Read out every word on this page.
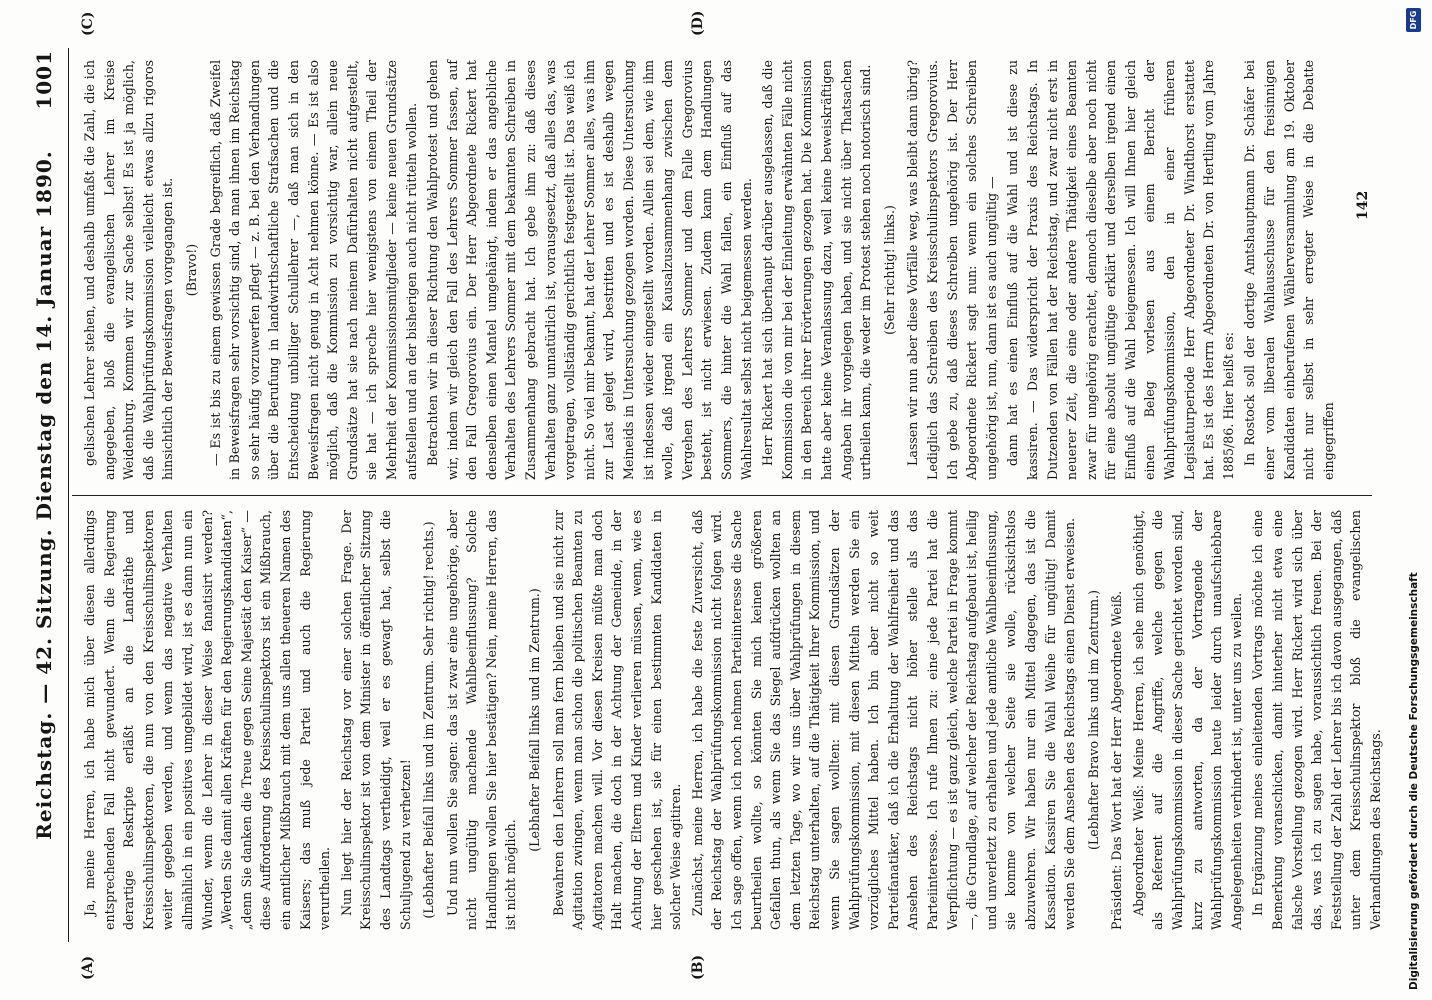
Reichstag. — 42. Sitzung. Dienstag den 14. Januar 1890.
1001
(A)	(B)
(C)	(D)

Ja, meine Herren, ich habe mich über diesen allerdings entsprechenden Fall nicht gewundert. Wenn die Regierung derartige Reskripte erläßt an die Landräthe und Kreisschulinspektoren, die nun von den Kreisschulinspektoren weiter gegeben werden, und wenn das negative Verhalten allmählich in ein positives umgebildet wird, ist es dann nun ein Wunder, wenn die Lehrer in dieser Weise fanatisirt werden? „Werden Sie damit allen Kräften für den Regierungskandidaten“, „denn Sie danken die Treue gegen Seine Majestät den Kaiser“ — diese Aufforderung des Kreisschulinspektors ist ein Mißbrauch, ein amtlicher Mißbrauch mit dem uns allen theueren Namen des Kaisers; das muß jede Partei und auch die Regierung verurtheilen. Nun liegt hier der Reichstag vor einer solchen Frage. Der Kreisschulinspektor ist von dem Minister in öffentlicher Sitzung des Landtags vertheidigt, weil er es gewagt hat, selbst die Schuljugend zu verhetzen! (Lebhafter Beifall links und im Zentrum. Sehr richtig! rechts.) Und nun wollen Sie sagen: das ist zwar eine ungehörige, aber nicht ungültig machende Wahlbeeinflussung? Solche Handlungen wollen Sie hier bestätigen? Nein, meine Herren, das ist nicht möglich.

(Lebhafter Beifall links und im Zentrum.) Bewahren den Lehrern soll man fern bleiben und sie nicht zur Agitation zwingen, wenn man schon die politischen Beamten zu Agitatoren machen will. Vor diesen Kreisen müßte man doch Halt machen, die doch in der Achtung der Gemeinde, in der Achtung der Eltern und Kinder verlieren müssen, wenn, wie es hier geschehen ist, sie für einen bestimmten Kandidaten in solcher Weise agitiren. Zunächst, meine Herren, ich habe die feste Zuversicht, daß der Reichstag der Wahlprüfungskommission nicht folgen wird. Ich sage offen, wenn ich noch nehmen Parteiinteresse die Sache beurtheilen wollte, so könnten Sie mich keinen größeren Gefallen thun, als wenn Sie das Siegel aufdrücken wollten an dem letzten Tage, wo wir uns über Wahlprüfungen in diesem Reichstag unterhalten, auf die Thätigkeit Ihrer Kommission, und wenn Sie sagen wollten: mit diesen Grundsätzen der Wahlprüfungskommission, mit diesen Mitteln werden Sie ein vorzügliches Mittel haben. Ich bin aber nicht so weit Parteifanatiker, daß ich die Erhaltung der Wahlfreiheit und das Ansehen des Reichstags nicht höher stelle als das Parteiinteresse. Ich rufe Ihnen zu: eine jede Partei hat die Verpflichtung — es ist ganz gleich, welche Partei in Frage kommt —, die Grundlage, auf welcher der Reichstag aufgebaut ist, heilig und unverletzt zu erhalten und jede amtliche Wahlbeeinflussung, sie komme von welcher Seite sie wolle, rücksichtslos abzuwehren. Wir haben nur ein Mittel dagegen, das ist die Kassation. Kassiren Sie die Wahl Weihe für ungültig! Damit werden Sie dem Ansehen des Reichstags einen Dienst erweisen. (Lebhafter Bravo links und im Zentrum.) Präsident: Das Wort hat der Herr Abgeordnete Weiß. Abgeordneter Weiß: Meine Herren, ich sehe mich genöthigt, als Referent auf die Angriffe, welche gegen die Wahlprüfungskommission in dieser Sache gerichtet worden sind, kurz zu antworten, da der Vortragende der Wahlprüfungskommission heute leider durch unaufschiebbare Angelegenheiten verhindert ist, unter uns zu weilen. In Ergänzung meines einleitenden Vortrags möchte ich eine Bemerkung voranschicken, damit hinterher nicht etwa eine falsche Vorstellung gezogen wird. Herr Rickert wird sich über das, was ich zu sagen habe, voraussichtlich freuen. Bei der Feststellung der Zahl der Lehrer bis ich davon ausgegangen, daß unter dem Kreisschulinspektor bloß die evangelischen Verhandlungen des Reichstags.

gelischen Lehrer stehen, und deshalb umfaßt die Zahl, die ich angegeben, bloß die evangelischen Lehrer im Kreise Weidenburg. Kommen wir zur Sache selbst! Es ist ja möglich, daß die Wahlprüfungskommission vielleicht etwas allzu rigoros hinsichtlich der Beweisfragen vorgegangen ist. (Bravo!) — Es ist bis zu einem gewissen Grade begreiflich, daß Zweifel in Beweisfragen sehr vorsichtig sind, da man ihnen im Reichstag so sehr häufig vorzuwerfen pflegt — z. B. bei den Verhandlungen über die Berufung in landwirthschaftliche Strafsachen und die Entscheidung unbilliger Schullehrer —, daß man sich in den Beweisfragen nicht genug in Acht nehmen könne. — Es ist also möglich, daß die Kommission zu vorsichtig war, allein neue Grundsätze hat sie nach meinem Dafürhalten nicht aufgestellt, sie hat — ich spreche hier wenigstens von einem Theil der Mehrheit der Kommissionsmitglieder — keine neuen Grundsätze aufstellen und an der bisherigen auch nicht rütteln wollen. Betrachten wir in dieser Richtung den Wahlprotest und gehen wir, indem wir gleich den Fall des Lehrers Sommer fassen, auf den Fall Gregorovius ein. Der Herr Abgeordnete Rickert hat denselben einen Mantel umgehängt, indem er das angebliche Verhalten des Lehrers Sommer mit dem bekannten Schreiben in Zusammenhang gebracht hat. Ich gebe ihm zu: daß dieses Verhalten ganz unnatürlich ist, vorausgesetzt, daß alles das, was vorgetragen, vollständig gerichtlich festgestellt ist. Das weiß ich nicht. So viel mir bekannt, hat der Lehrer Sommer alles, was ihm zur Last gelegt wird, bestritten und es ist deshalb wegen Meineids in Untersuchung gezogen worden. Diese Untersuchung ist indessen wieder eingestellt worden. Allein sei dem, wie ihm wolle, daß irgend ein Kausalzusammenhang zwischen dem Vergehen des Lehrers Sommer und dem Falle Gregorovius besteht, ist nicht erwiesen. Zudem kann dem Handlungen Sommers, die hinter die Wahl fallen, ein Einfluß auf das Wahlresultat selbst nicht beigemessen werden. Herr Rickert hat sich überhaupt darüber ausgelassen, daß die Kommission die von mir bei der Einleitung erwähnten Fälle nicht in den Bereich ihrer Erörterungen gezogen hat. Die Kommission hatte aber keine Veranlassung dazu, weil keine beweiskräftigen Angaben ihr vorgelegen haben, und sie nicht über Thatsachen urtheilen kann, die weder im Protest stehen noch notorisch sind. (Sehr richtig! links.) Lassen wir nun aber diese Vorfälle weg, was bleibt dann übrig? Lediglich das Schreiben des Kreisschulinspektors Gregorovius. Ich gebe zu, daß dieses Schreiben ungehörig ist. Der Herr Abgeordnete Rickert sagt nun: wenn ein solches Schreiben ungehörig ist, nun, dann ist es auch ungültig — dann hat es einen Einfluß auf die Wahl und ist diese zu kassiren. — Das widerspricht der Praxis des Reichstags. In Dutzenden von Fällen hat der Reichstag, und zwar nicht erst in neuerer Zeit, die eine oder andere Thätigkeit eines Beamten zwar für ungehörig erachtet, dennoch dieselbe aber noch nicht für eine absolut ungültige erklärt und derselben irgend einen Einfluß auf die Wahl beigemessen. Ich will Ihnen hier gleich einen Beleg vorlesen aus einem Bericht der Wahlprüfungskommission, den in einer früheren Legislaturperiode Herr Abgeordneter Dr. Windthorst erstattet hat. Es ist des Herrn Abgeordneten Dr. von Hertling vom Jahre 1885/86. Hier heißt es: In Rostock soll der dortige Amtshauptmann Dr. Schäfer bei einer vom liberalen Wahlausschusse für den freisinnigen Kandidaten einberufenen Wählerversammlung am 19. Oktober nicht nur selbst in sehr erregter Weise in die Debatte eingegriffen

142
Digitalisierung gefördert durch die Deutsche Forschungsgemeinschaft
DFG
